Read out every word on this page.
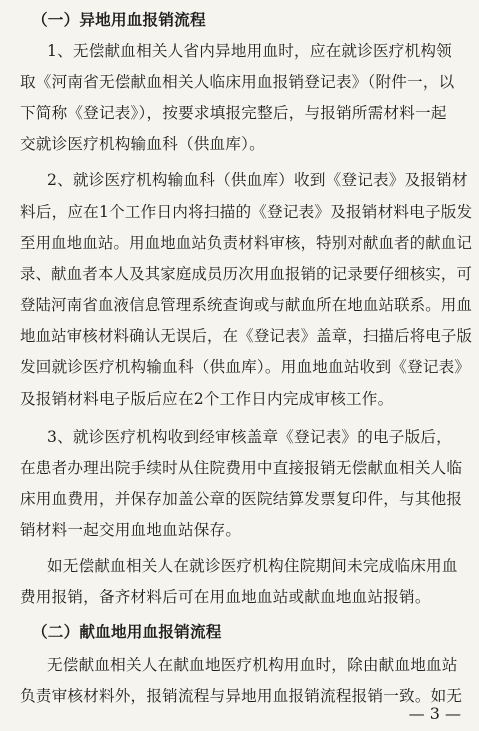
（一）异地用血报销流程
1、无偿献血相关人省内异地用血时，应在就诊医疗机构领
取《河南省无偿献血相关人临床用血报销登记表》（附件一，以
下简称《登记表》），按要求填报完整后，与报销所需材料一起
交就诊医疗机构输血科（供血库）。
2、就诊医疗机构输血科（供血库）收到《登记表》及报销材
料后，应在1个工作日内将扫描的《登记表》及报销材料电子版发
至用血地血站。用血地血站负责材料审核，特别对献血者的献血记
录、献血者本人及其家庭成员历次用血报销的记录要仔细核实，可
登陆河南省血液信息管理系统查询或与献血所在地血站联系。用血
地血站审核材料确认无误后，在《登记表》盖章，扫描后将电子版
发回就诊医疗机构输血科（供血库）。用血地血站收到《登记表》
及报销材料电子版后应在2个工作日内完成审核工作。
3、就诊医疗机构收到经审核盖章《登记表》的电子版后，
在患者办理出院手续时从住院费用中直接报销无偿献血相关人临
床用血费用，并保存加盖公章的医院结算发票复印件，与其他报
销材料一起交用血地血站保存。
如无偿献血相关人在就诊医疗机构住院期间未完成临床用血
费用报销，备齐材料后可在用血地血站或献血地血站报销。
（二）献血地用血报销流程
无偿献血相关人在献血地医疗机构用血时，除由献血地血站
负责审核材料外，报销流程与异地用血报销流程报销一致。如无
— 3 —
